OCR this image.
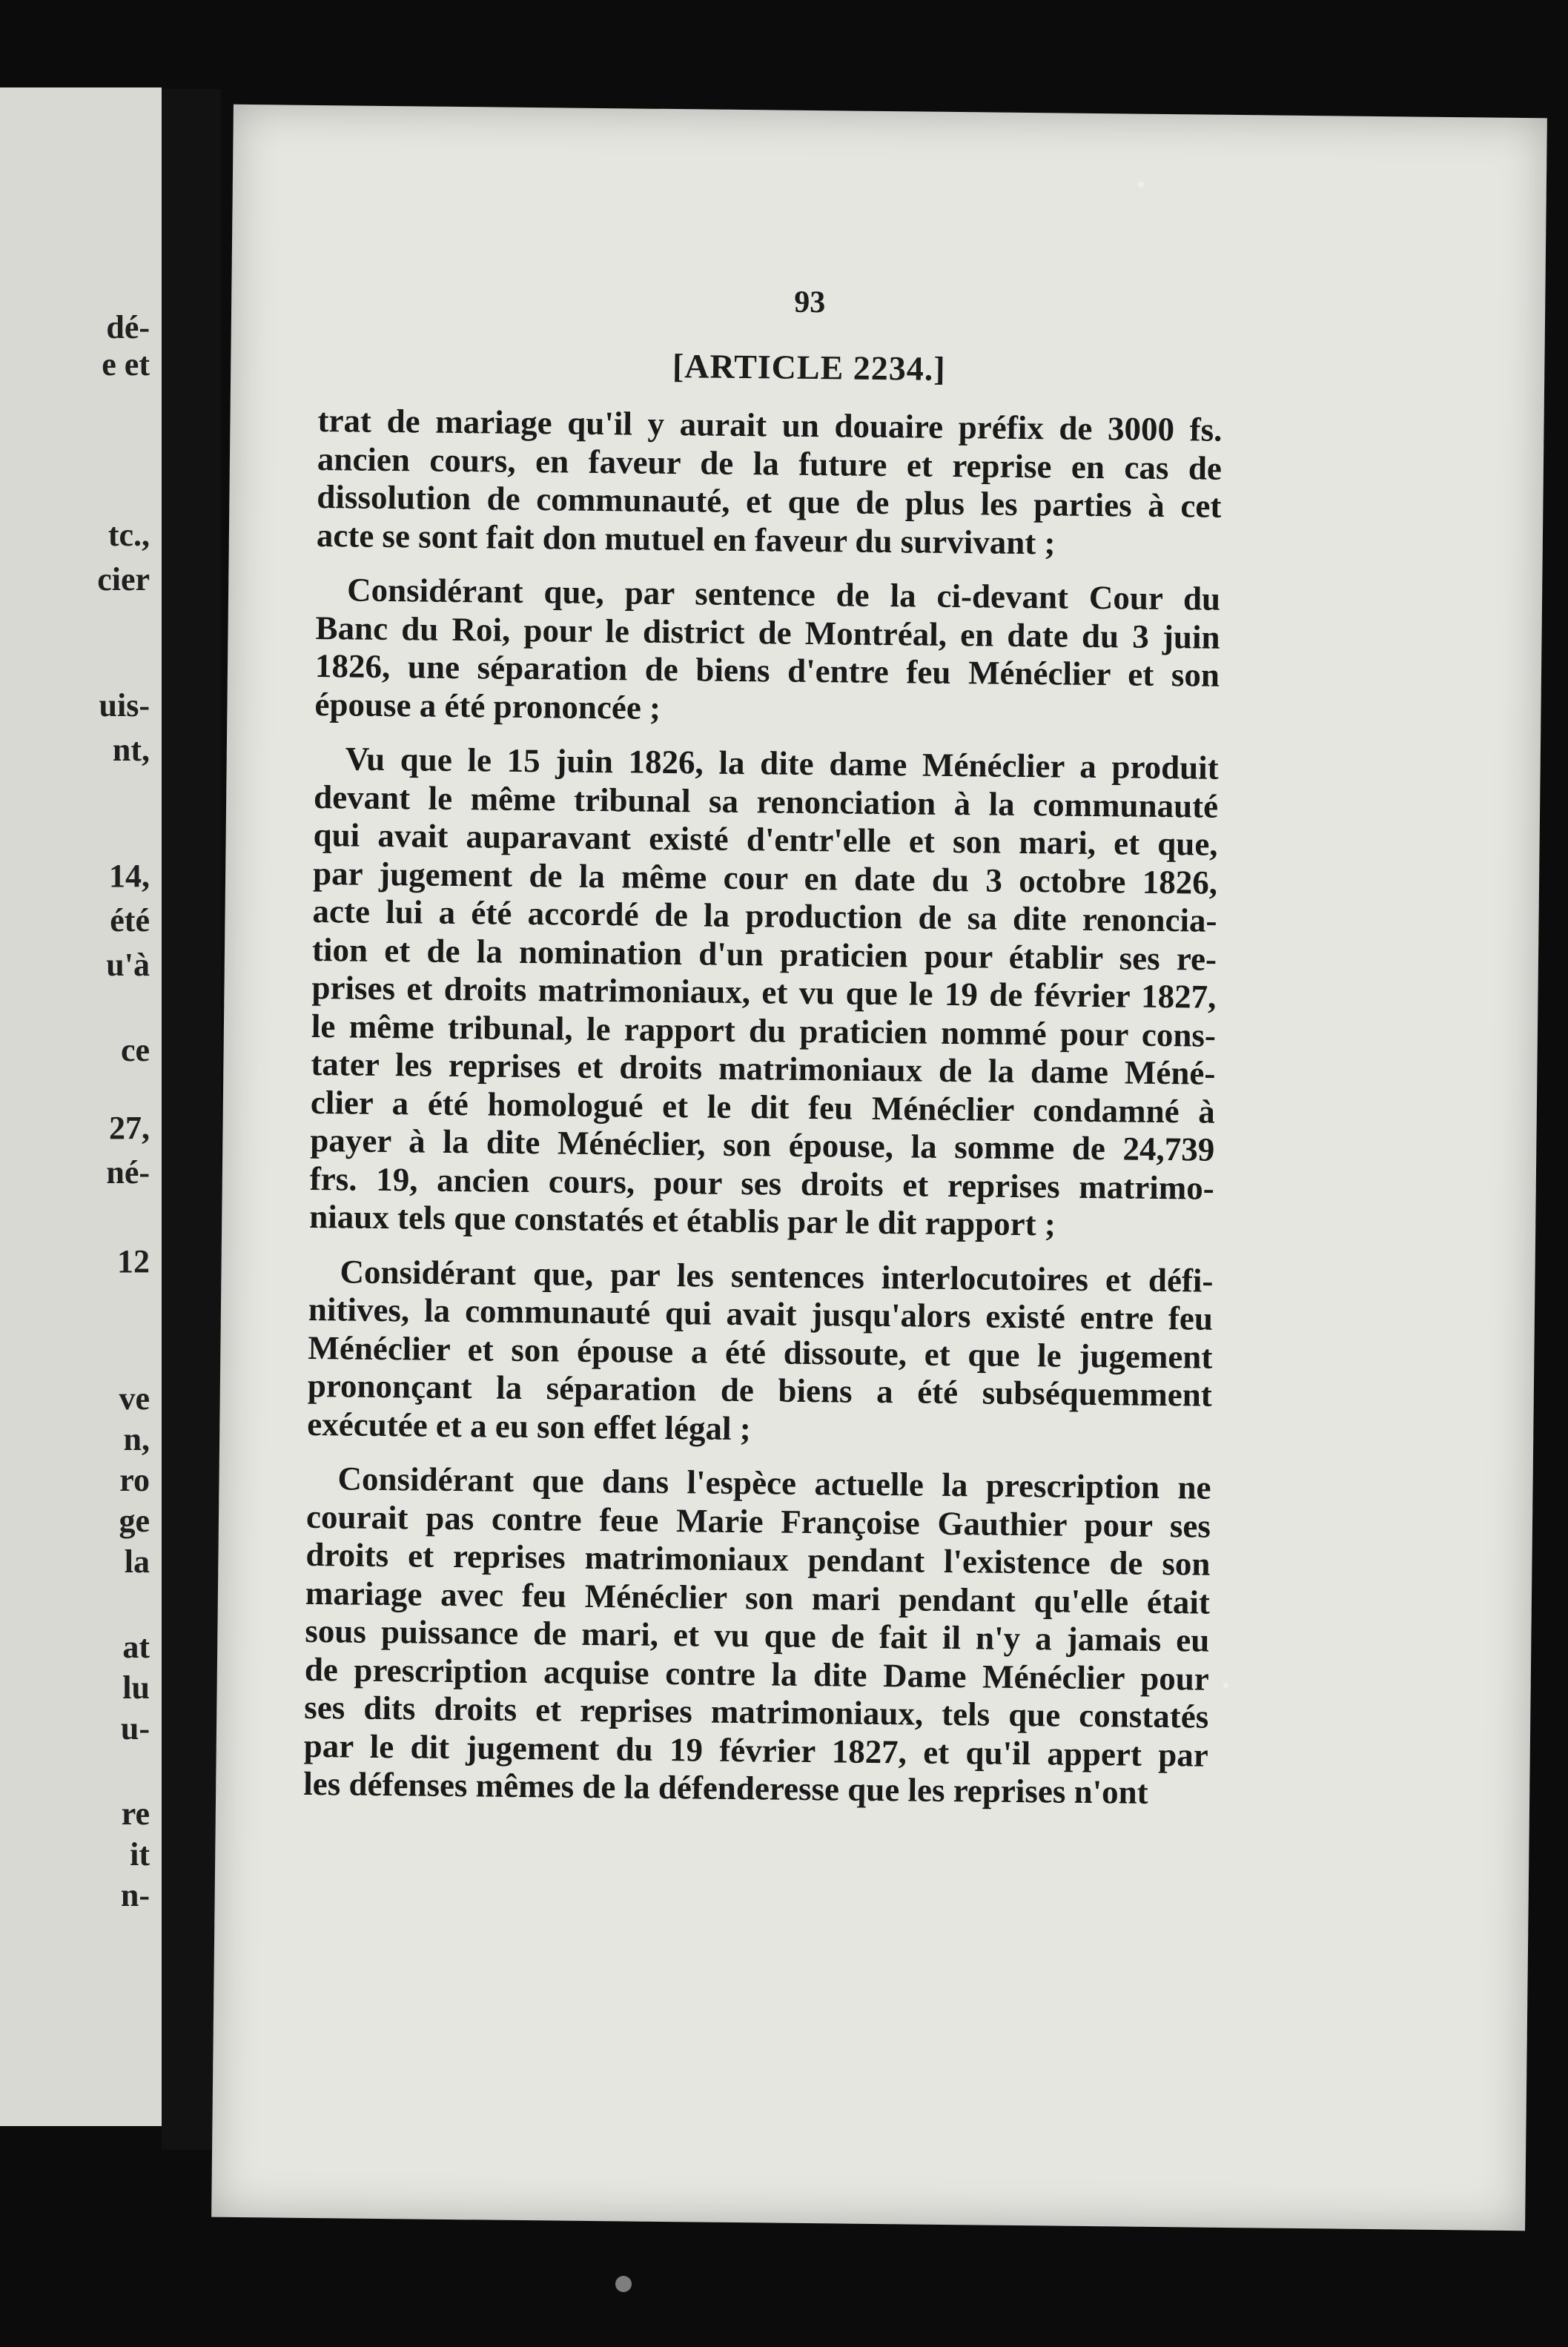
dé-
e et
tc.,
cier
uis-
nt,
14,
été
u'à
ce
27,
né-
12
ve
n,
ro
ge
la
at
lu
u-
re
it
n-
93
[ARTICLE 2234.]
trat de mariage qu'il y aurait un douaire préfix de 3000 fs.
ancien cours, en faveur de la future et reprise en cas de
dissolution de communauté, et que de plus les parties à cet
acte se sont fait don mutuel en faveur du survivant ;
Considérant que, par sentence de la ci-devant Cour du
Banc du Roi, pour le district de Montréal, en date du 3 juin
1826, une séparation de biens d'entre feu Ménéclier et son
épouse a été prononcée ;
Vu que le 15 juin 1826, la dite dame Ménéclier a produit
devant le même tribunal sa renonciation à la communauté
qui avait auparavant existé d'entr'elle et son mari, et que,
par jugement de la même cour en date du 3 octobre 1826,
acte lui a été accordé de la production de sa dite renoncia-
tion et de la nomination d'un praticien pour établir ses re-
prises et droits matrimoniaux, et vu que le 19 de février 1827,
le même tribunal, le rapport du praticien nommé pour cons-
tater les reprises et droits matrimoniaux de la dame Méné-
clier a été homologué et le dit feu Ménéclier condamné à
payer à la dite Ménéclier, son épouse, la somme de 24,739
frs. 19, ancien cours, pour ses droits et reprises matrimo-
niaux tels que constatés et établis par le dit rapport ;
Considérant que, par les sentences interlocutoires et défi-
nitives, la communauté qui avait jusqu'alors existé entre feu
Ménéclier et son épouse a été dissoute, et que le jugement
prononçant la séparation de biens a été subséquemment
exécutée et a eu son effet légal ;
Considérant que dans l'espèce actuelle la prescription ne
courait pas contre feue Marie Françoise Gauthier pour ses
droits et reprises matrimoniaux pendant l'existence de son
mariage avec feu Ménéclier son mari pendant qu'elle était
sous puissance de mari, et vu que de fait il n'y a jamais eu
de prescription acquise contre la dite Dame Ménéclier pour
ses dits droits et reprises matrimoniaux, tels que constatés
par le dit jugement du 19 février 1827, et qu'il appert par
les défenses mêmes de la défenderesse que les reprises n'ont
